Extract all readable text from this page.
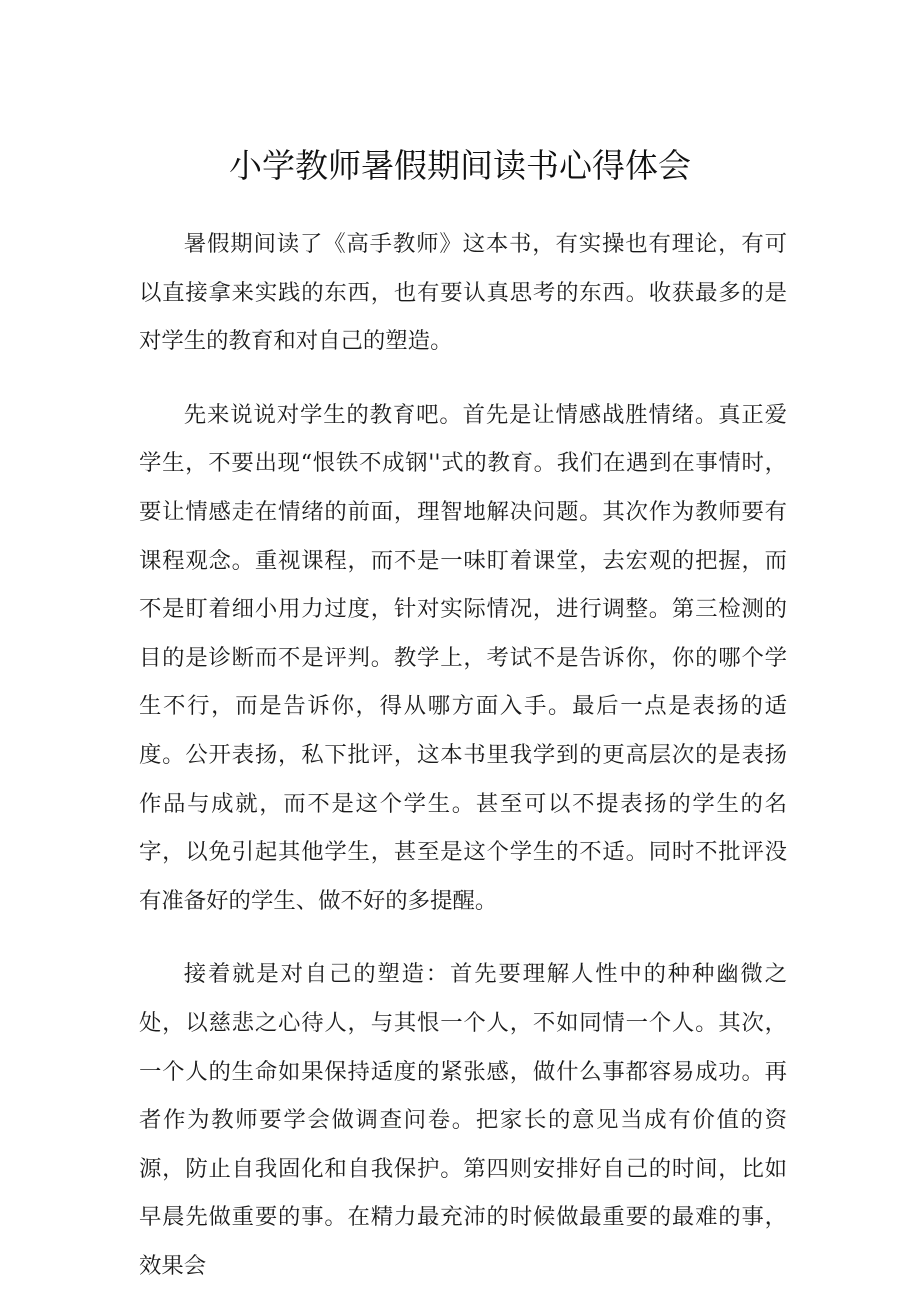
小学教师暑假期间读书心得体会

暑假期间读了《高手教师》这本书，有实操也有理论，有可以直接拿来实践的东西，也有要认真思考的东西。收获最多的是对学生的教育和对自己的塑造。

先来说说对学生的教育吧。首先是让情感战胜情绪。真正爱学生，不要出现“恨铁不成钢''式的教育。我们在遇到在事情时，要让情感走在情绪的前面，理智地解决问题。其次作为教师要有课程观念。重视课程，而不是一味盯着课堂，去宏观的把握，而不是盯着细小用力过度，针对实际情况，进行调整。第三检测的目的是诊断而不是评判。教学上，考试不是告诉你，你的哪个学生不行，而是告诉你，得从哪方面入手。最后一点是表扬的适度。公开表扬，私下批评，这本书里我学到的更高层次的是表扬作品与成就，而不是这个学生。甚至可以不提表扬的学生的名字，以免引起其他学生，甚至是这个学生的不适。同时不批评没有准备好的学生、做不好的多提醒。

接着就是对自己的塑造：首先要理解人性中的种种幽微之处，以慈悲之心待人，与其恨一个人，不如同情一个人。其次，一个人的生命如果保持适度的紧张感，做什么事都容易成功。再者作为教师要学会做调查问卷。把家长的意见当成有价值的资源，防止自我固化和自我保护。第四则安排好自己的时间，比如早晨先做重要的事。在精力最充沛的时候做最重要的最难的事，效果会
